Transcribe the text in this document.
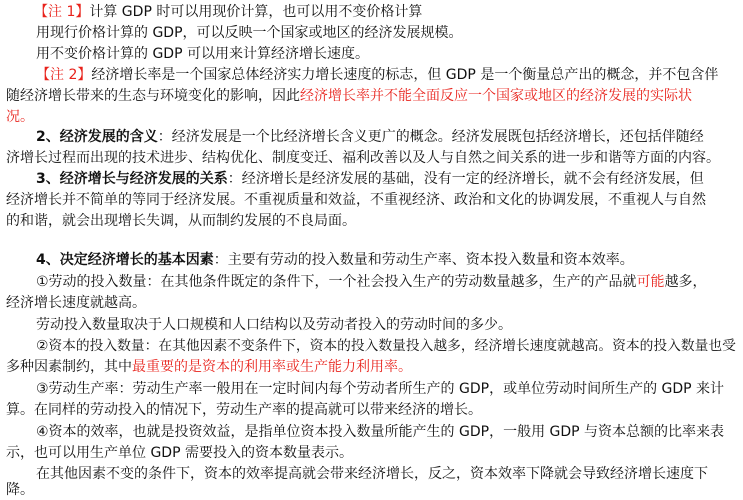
【注 1】计算 GDP 时可以用现价计算，也可以用不变价格计算
用现行价格计算的 GDP，可以反映一个国家或地区的经济发展规模。
用不变价格计算的 GDP 可以用来计算经济增长速度。
【注 2】经济增长率是一个国家总体经济实力增长速度的标志，但 GDP 是一个衡量总产出的概念，并不包含伴
随经济增长带来的生态与环境变化的影响，因此经济增长率并不能全面反应一个国家或地区的经济发展的实际状
况。
2、经济发展的含义：经济发展是一个比经济增长含义更广的概念。经济发展既包括经济增长，还包括伴随经
济增长过程而出现的技术进步、结构优化、制度变迁、福利改善以及人与自然之间关系的进一步和谐等方面的内容。
3、经济增长与经济发展的关系：经济增长是经济发展的基础，没有一定的经济增长，就不会有经济发展，但
经济增长并不简单的等同于经济发展。不重视质量和效益，不重视经济、政治和文化的协调发展，不重视人与自然
的和谐，就会出现增长失调，从而制约发展的不良局面。
4、决定经济增长的基本因素：主要有劳动的投入数量和劳动生产率、资本投入数量和资本效率。
①劳动的投入数量：在其他条件既定的条件下，一个社会投入生产的劳动数量越多，生产的产品就可能越多，
经济增长速度就越高。
劳动投入数量取决于人口规模和人口结构以及劳动者投入的劳动时间的多少。
②资本的投入数量：在其他因素不变条件下，资本的投入数量投入越多，经济增长速度就越高。资本的投入数量也受
多种因素制约，其中最重要的是资本的利用率或生产能力利用率。
③劳动生产率：劳动生产率一般用在一定时间内每个劳动者所生产的 GDP，或单位劳动时间所生产的 GDP 来计
算。在同样的劳动投入的情况下，劳动生产率的提高就可以带来经济的增长。
④资本的效率，也就是投资效益，是指单位资本投入数量所能产生的 GDP，一般用 GDP 与资本总额的比率来表
示，也可以用生产单位 GDP 需要投入的资本数量表示。
在其他因素不变的条件下，资本的效率提高就会带来经济增长，反之，资本效率下降就会导致经济增长速度下
降。
